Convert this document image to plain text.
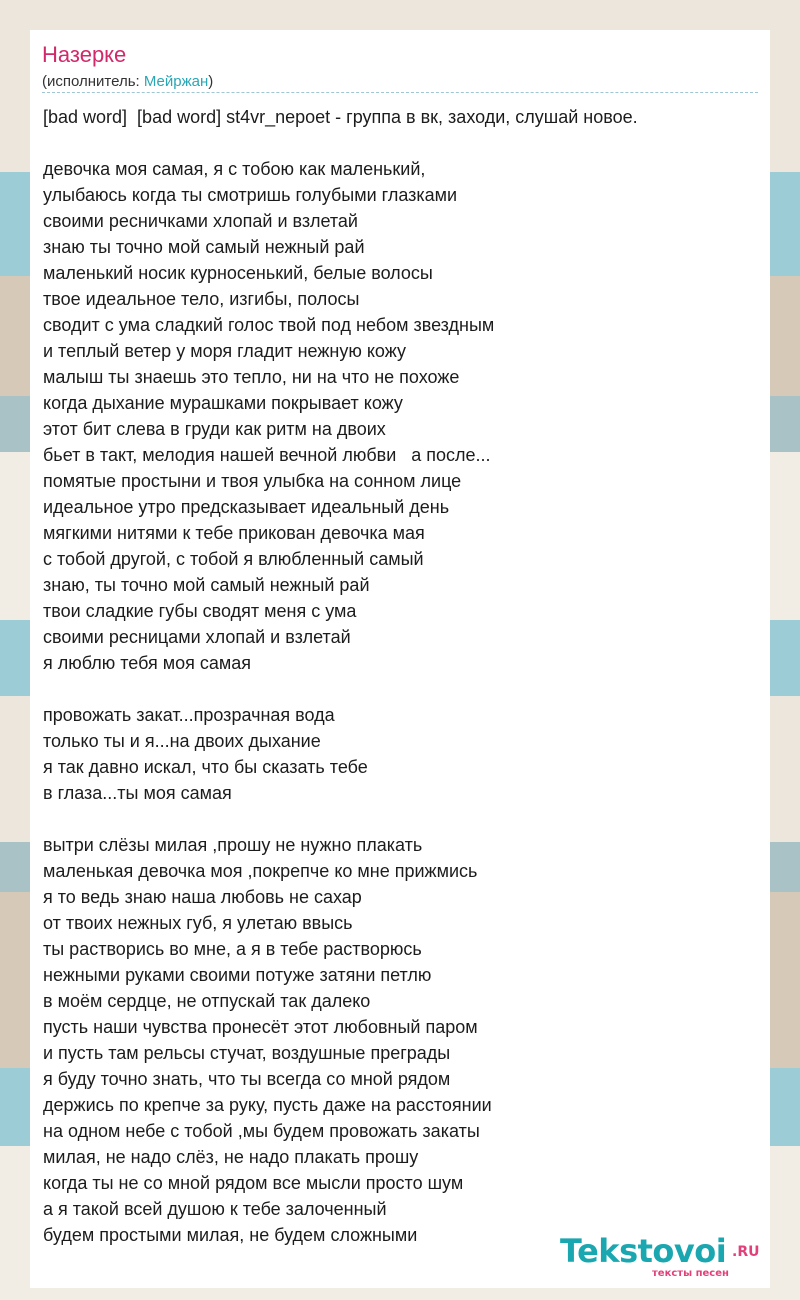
Назерке
(исполнитель: Мейржан)
[bad word]  [bad word] st4vr_nepoet - группа в вк, заходи, слушай новое.
девочка моя самая, я с тобою как маленький,
улыбаюсь когда ты смотришь голубыми глазками
своими ресничками хлопай и взлетай
знаю ты точно мой самый нежный рай
маленький носик курносенький, белые волосы
твое идеальное тело, изгибы, полосы
сводит с ума сладкий голос твой под небом звездным
и теплый ветер у моря гладит нежную кожу
малыш ты знаешь это тепло, ни на что не похоже
когда дыхание мурашками покрывает кожу
этот бит слева в груди как ритм на двоих
бьет в такт, мелодия нашей вечной любви   а после...
помятые простыни и твоя улыбка на сонном лице
идеальное утро предсказывает идеальный день
мягкими нитями к тебе прикован девочка мая
с тобой другой, с тобой я влюбленный самый
знаю, ты точно мой самый нежный рай
твои сладкие губы сводят меня с ума
своими ресницами хлопай и взлетай
я люблю тебя моя самая
провожать закат...прозрачная вода
только ты и я...на двоих дыхание
я так давно искал, что бы сказать тебе
в глаза...ты моя самая
вытри слёзы милая ,прошу не нужно плакать
маленькая девочка моя ,покрепче ко мне прижмись
я то ведь знаю наша любовь не сахар
от твоих нежных губ, я улетаю ввысь
ты растворись во мне, а я в тебе растворюсь
нежными руками своими потуже затяни петлю
в моём сердце, не отпускай так далеко
пусть наши чувства пронесёт этот любовный паром
и пусть там рельсы стучат, воздушные преграды
я буду точно знать, что ты всегда со мной рядом
держись по крепче за руку, пусть даже на расстоянии
на одном небе с тобой ,мы будем провожать закаты
милая, не надо слёз, не надо плакать прошу
когда ты не со мной рядом все мысли просто шум
а я такой всей душою к тебе залоченный
будем простыми милая, не будем сложными	Tekstovoi .RU
тексты песен
